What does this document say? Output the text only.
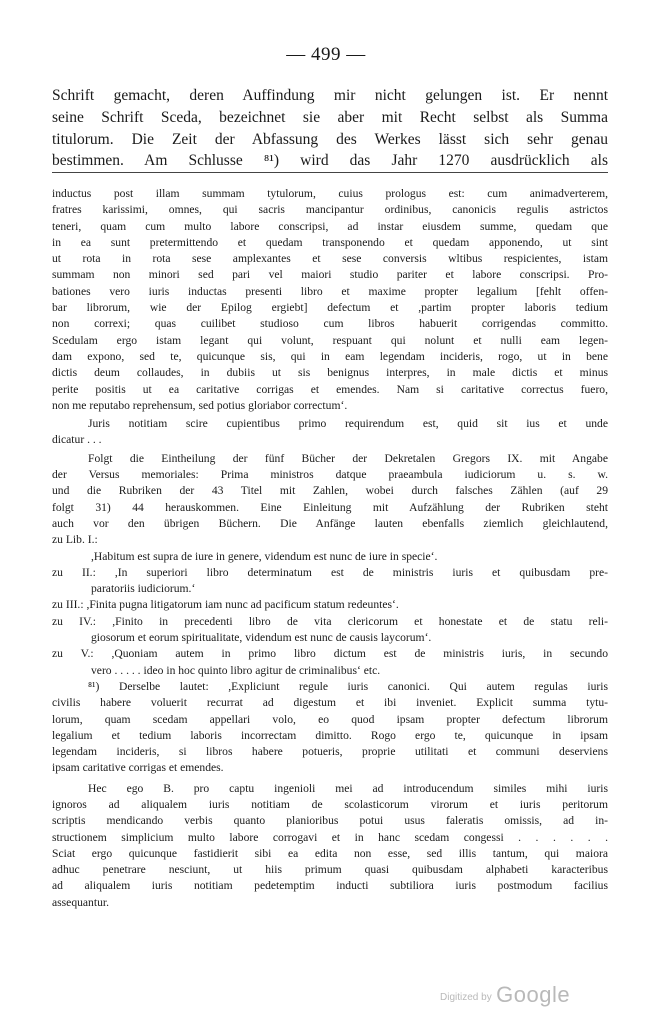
— 499 —
Schrift gemacht, deren Auffindung mir nicht gelungen ist. Er nennt
seine Schrift Sceda, bezeichnet sie aber mit Recht selbst als Summa
titulorum. Die Zeit der Abfassung des Werkes lässt sich sehr genau
bestimmen. Am Schlusse ⁸¹) wird das Jahr 1270 ausdrücklich als
inductus post illam summam tytulorum, cuius prologus est: cum animadverterem,
fratres karissimi, omnes, qui sacris mancipantur ordinibus, canonicis regulis astrictos
teneri, quam cum multo labore conscripsi, ad instar eiusdem summe, quedam que
in ea sunt pretermittendo et quedam transponendo et quedam apponendo, ut sint
ut rota in rota sese amplexantes et sese conversis wltibus respicientes, istam
summam non minori sed pari vel maiori studio pariter et labore conscripsi. Pro-
bationes vero iuris inductas presenti libro et maxime propter legalium [fehlt offen-
bar librorum, wie der Epilog ergiebt] defectum et ,partim propter laboris tedium
non correxi; quas cuilibet studioso cum libros habuerit corrigendas committo.
Scedulam ergo istam legant qui volunt, respuant qui nolunt et nulli eam legen-
dam expono, sed te, quicunque sis, qui in eam legendam incideris, rogo, ut in bene
dictis deum collaudes, in dubiis ut sis benignus interpres, in male dictis et minus
perite positis ut ea caritative corrigas et emendes. Nam si caritative correctus fuero,
non me reputabo reprehensum, sed potius gloriabor correctum‘.
Juris notitiam scire cupientibus primo requirendum est, quid sit ius et unde
dicatur . . .
Folgt die Eintheilung der fünf Bücher der Dekretalen Gregors IX. mit Angabe
der Versus memoriales: Prima ministros datque praeambula iudiciorum u. s. w.
und die Rubriken der 43 Titel mit Zahlen, wobei durch falsches Zählen (auf 29
folgt 31) 44 herauskommen. Eine Einleitung mit Aufzählung der Rubriken steht
auch vor den übrigen Büchern. Die Anfänge lauten ebenfalls ziemlich gleichlautend,
zu Lib. I.:
,Habitum est supra de iure in genere, videndum est nunc de iure in specie‘.
zu II.: ,In superiori libro determinatum est de ministris iuris et quibusdam pre-
paratoriis iudiciorum.‘
zu III.: ,Finita pugna litigatorum iam nunc ad pacificum statum redeuntes‘.
zu IV.: ,Finito in precedenti libro de vita clericorum et honestate et de statu reli-
giosorum et eorum spiritualitate, videndum est nunc de causis laycorum‘.
zu V.: ,Quoniam autem in primo libro dictum est de ministris iuris, in secundo
vero . . . . . ideo in hoc quinto libro agitur de criminalibus‘ etc.
⁸¹) Derselbe lautet: ,Expliciunt regule iuris canonici. Qui autem regulas iuris
civilis habere voluerit recurrat ad digestum et ibi inveniet. Explicit summa tytu-
lorum, quam scedam appellari volo, eo quod ipsam propter defectum librorum
legalium et tedium laboris incorrectam dimitto. Rogo ergo te, quicunque in ipsam
legendam incideris, si libros habere potueris, proprie utilitati et communi deserviens
ipsam caritative corrigas et emendes.
Hec ego B. pro captu ingenioli mei ad introducendum similes mihi iuris
ignoros ad aliqualem iuris notitiam de scolasticorum virorum et iuris peritorum
scriptis mendicando verbis quanto planioribus potui usus faleratis omissis, ad in-
structionem simplicium multo labore corrogavi et in hanc scedam congessi . . . . . .
Sciat ergo quicunque fastidierit sibi ea edita non esse, sed illis tantum, qui maiora
adhuc penetrare nesciunt, ut hiis primum quasi quibusdam alphabeti karacteribus
ad aliqualem iuris notitiam pedetemptim inducti subtiliora iuris postmodum facilius
assequantur.
Digitized by Google
